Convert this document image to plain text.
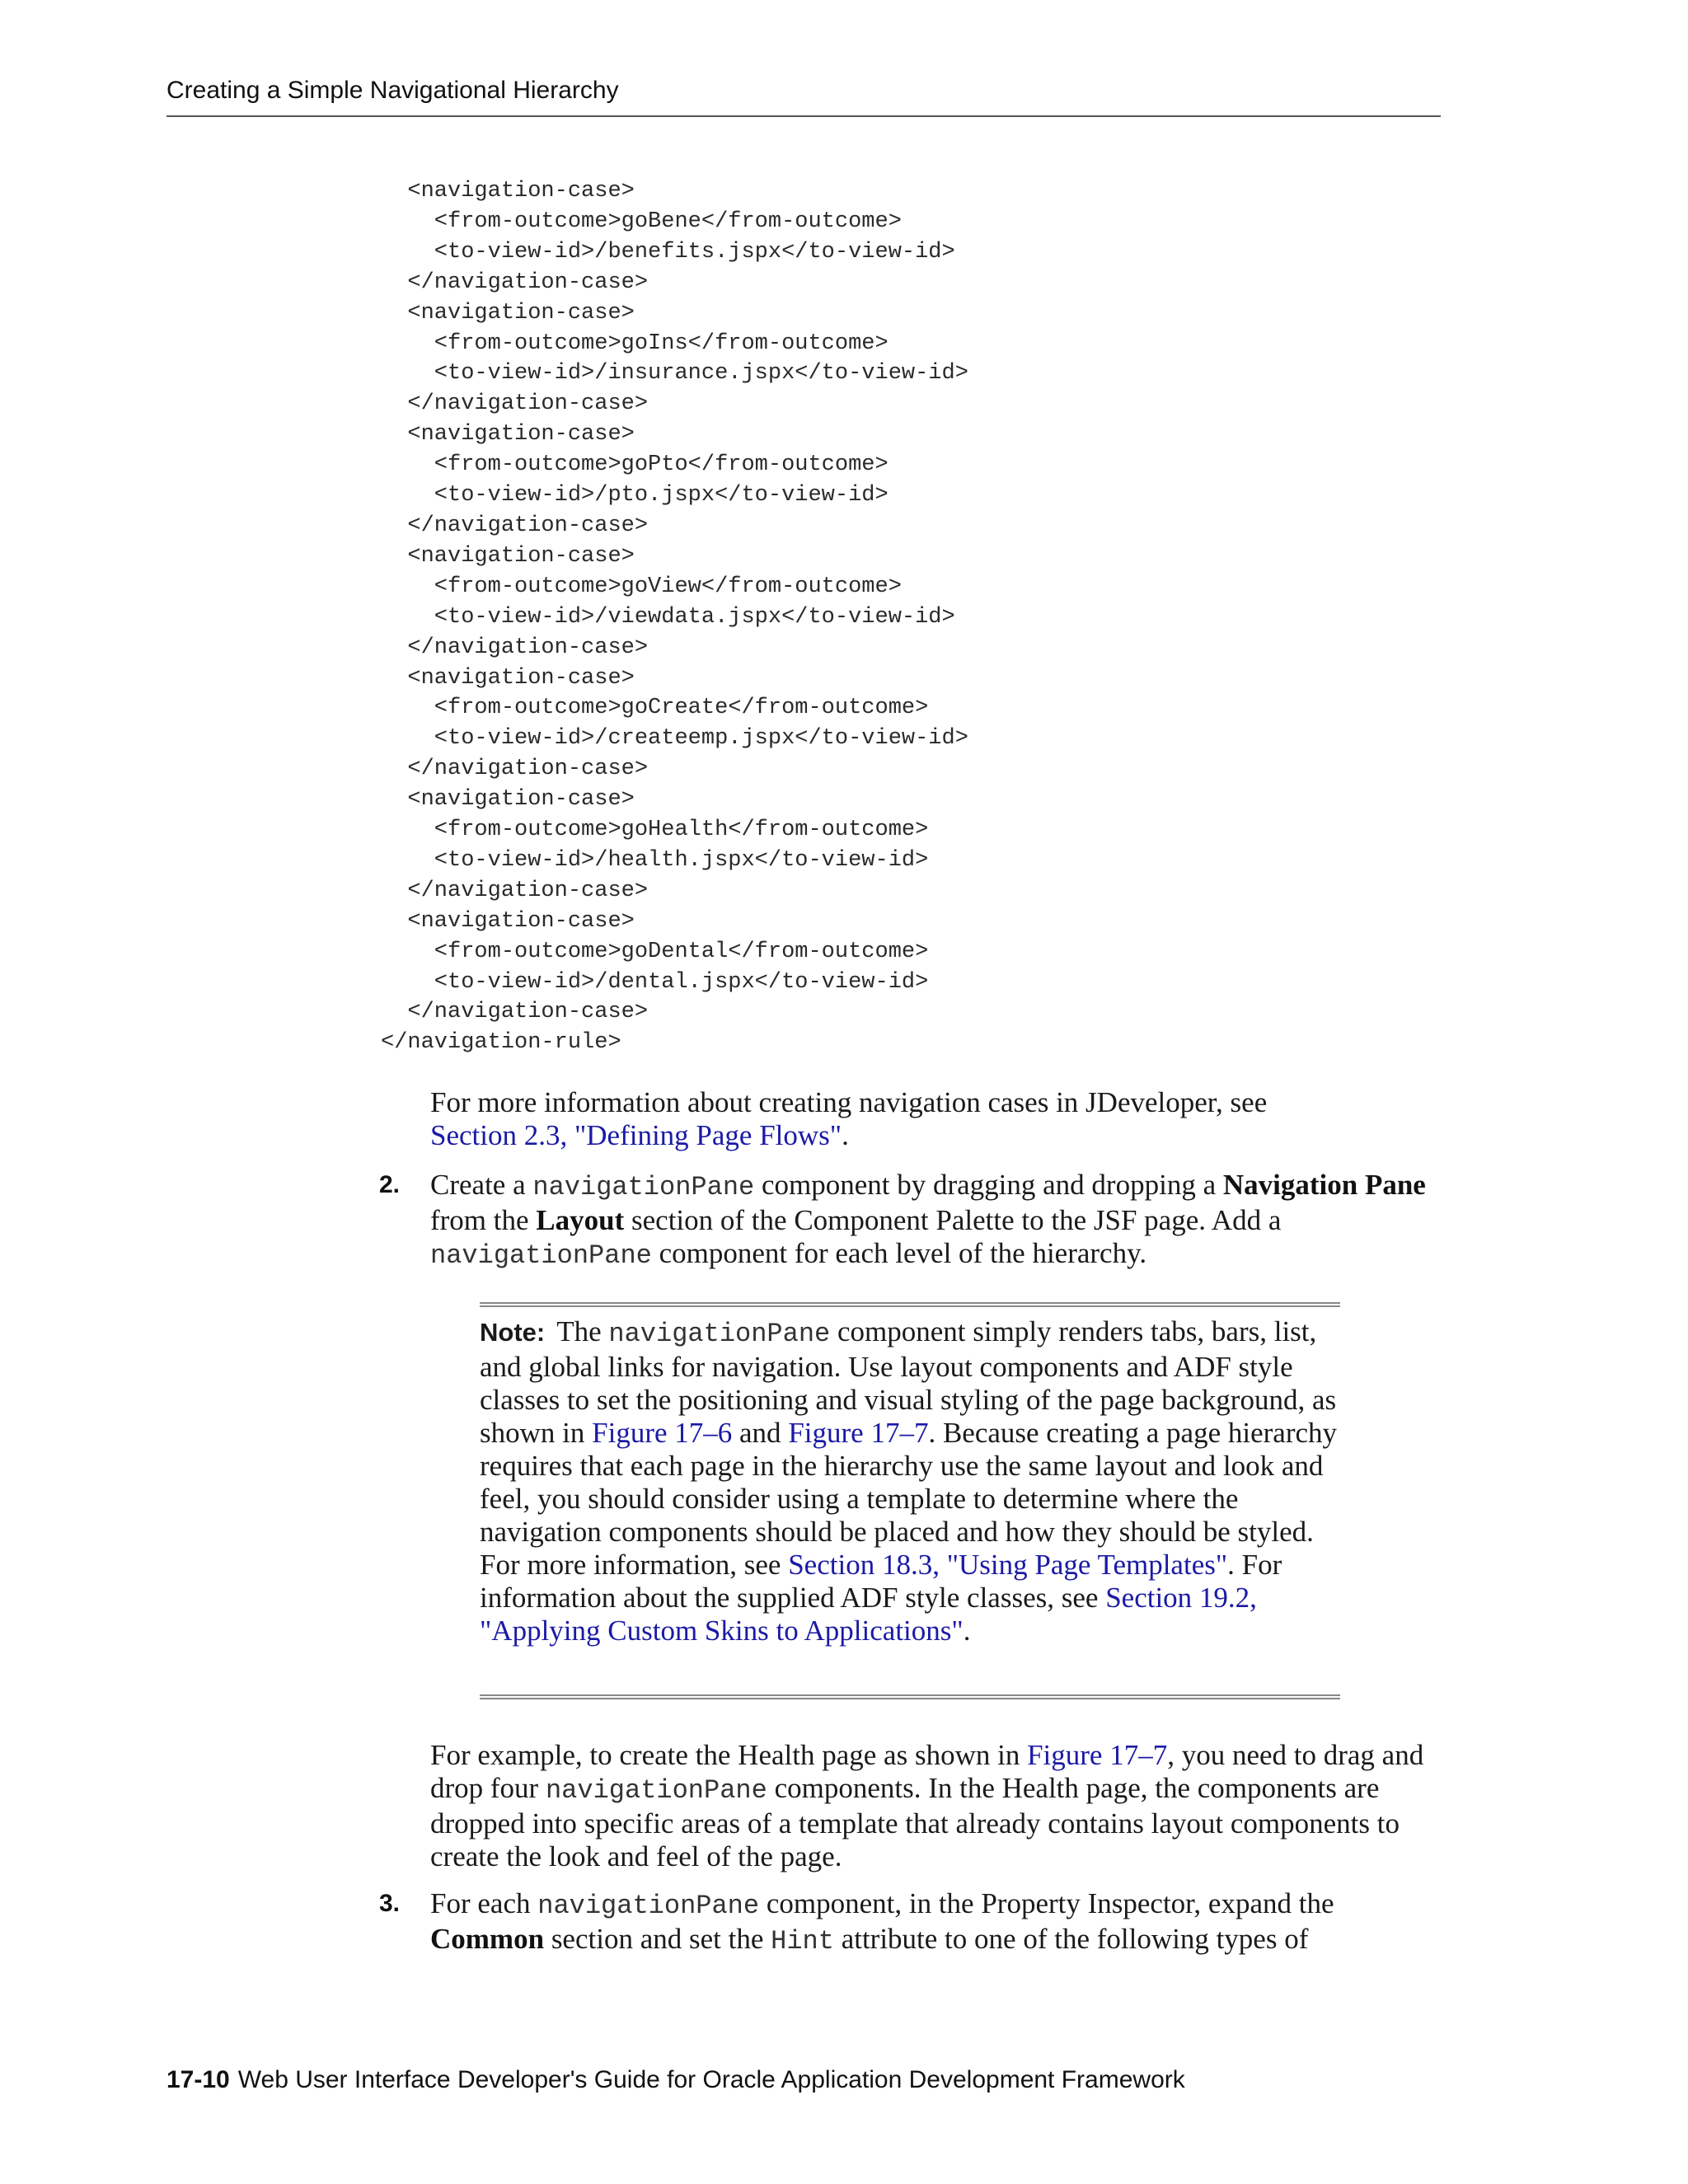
Creating a Simple Navigational Hierarchy
<navigation-case>
<from-outcome>goBene</from-outcome>
<to-view-id>/benefits.jspx</to-view-id>
</navigation-case>
<navigation-case>
<from-outcome>goIns</from-outcome>
<to-view-id>/insurance.jspx</to-view-id>
</navigation-case>
<navigation-case>
<from-outcome>goPto</from-outcome>
<to-view-id>/pto.jspx</to-view-id>
</navigation-case>
<navigation-case>
<from-outcome>goView</from-outcome>
<to-view-id>/viewdata.jspx</to-view-id>
</navigation-case>
<navigation-case>
<from-outcome>goCreate</from-outcome>
<to-view-id>/createemp.jspx</to-view-id>
</navigation-case>
<navigation-case>
<from-outcome>goHealth</from-outcome>
<to-view-id>/health.jspx</to-view-id>
</navigation-case>
<navigation-case>
<from-outcome>goDental</from-outcome>
<to-view-id>/dental.jspx</to-view-id>
</navigation-case>
</navigation-rule>

For more information about creating navigation cases in JDeveloper, see
Section 2.3, "Defining Page Flows".

2. Create a navigationPane component by dragging and dropping a Navigation Pane from the Layout section of the Component Palette to the JSF page. Add a navigationPane component for each level of the hierarchy.

Note: The navigationPane component simply renders tabs, bars, list, and global links for navigation. Use layout components and ADF style classes to set the positioning and visual styling of the page background, as shown in Figure 17–6 and Figure 17–7. Because creating a page hierarchy requires that each page in the hierarchy use the same layout and look and feel, you should consider using a template to determine where the navigation components should be placed and how they should be styled. For more information, see Section 18.3, "Using Page Templates". For information about the supplied ADF style classes, see Section 19.2, "Applying Custom Skins to Applications".

For example, to create the Health page as shown in Figure 17–7, you need to drag and drop four navigationPane components. In the Health page, the components are dropped into specific areas of a template that already contains layout components to create the look and feel of the page.

3. For each navigationPane component, in the Property Inspector, expand the Common section and set the Hint attribute to one of the following types of

17-10 Web User Interface Developer's Guide for Oracle Application Development Framework
